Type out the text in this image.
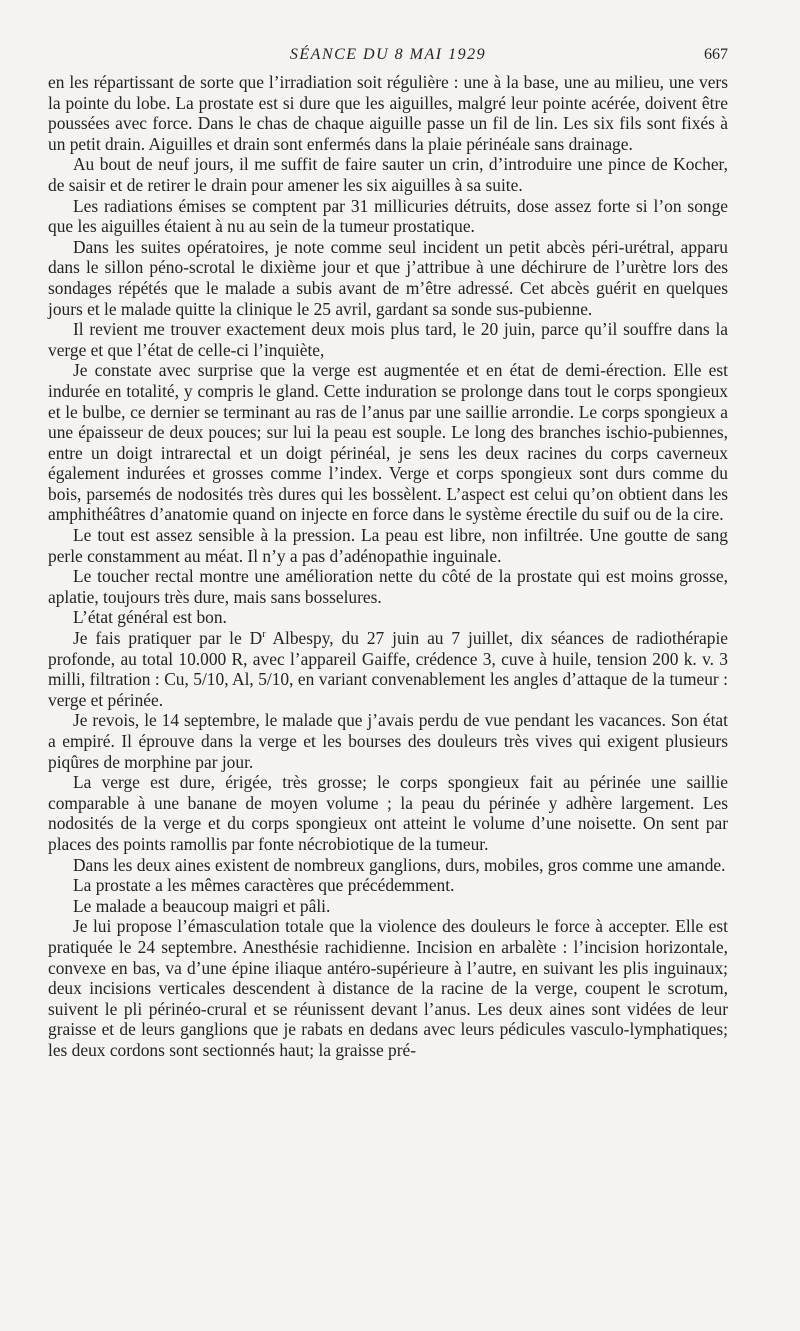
SÉANCE DU 8 MAI 1929	667

en les répartissant de sorte que l’irradiation soit régulière : une à la base, une au milieu, une vers la pointe du lobe. La prostate est si dure que les aiguilles, malgré leur pointe acérée, doivent être poussées avec force. Dans le chas de chaque aiguille passe un fil de lin. Les six fils sont fixés à un petit drain. Aiguilles et drain sont enfermés dans la plaie périnéale sans drainage.

Au bout de neuf jours, il me suffit de faire sauter un crin, d’introduire une pince de Kocher, de saisir et de retirer le drain pour amener les six aiguilles à sa suite.

Les radiations émises se comptent par 31 millicuries détruits, dose assez forte si l’on songe que les aiguilles étaient à nu au sein de la tumeur prostatique.

Dans les suites opératoires, je note comme seul incident un petit abcès péri-urétral, apparu dans le sillon péno-scrotal le dixième jour et que j’attribue à une déchirure de l’urètre lors des sondages répétés que le malade a subis avant de m’être adressé. Cet abcès guérit en quelques jours et le malade quitte la clinique le 25 avril, gardant sa sonde sus-pubienne.

Il revient me trouver exactement deux mois plus tard, le 20 juin, parce qu’il souffre dans la verge et que l’état de celle-ci l’inquiète,

Je constate avec surprise que la verge est augmentée et en état de demi-érection. Elle est indurée en totalité, y compris le gland. Cette induration se prolonge dans tout le corps spongieux et le bulbe, ce dernier se terminant au ras de l’anus par une saillie arrondie. Le corps spongieux a une épaisseur de deux pouces; sur lui la peau est souple. Le long des branches ischio-pubiennes, entre un doigt intrarectal et un doigt périnéal, je sens les deux racines du corps caverneux également indurées et grosses comme l’index. Verge et corps spongieux sont durs comme du bois, parsemés de nodosités très dures qui les bossèlent. L’aspect est celui qu’on obtient dans les amphithéâtres d’anatomie quand on injecte en force dans le système érectile du suif ou de la cire.

Le tout est assez sensible à la pression. La peau est libre, non infiltrée. Une goutte de sang perle constamment au méat. Il n’y a pas d’adénopathie inguinale.

Le toucher rectal montre une amélioration nette du côté de la prostate qui est moins grosse, aplatie, toujours très dure, mais sans bosselures.

L’état général est bon.

Je fais pratiquer par le $D^r$ Albespy, du 27 juin au 7 juillet, dix séances de radiothérapie profonde, au total 10.000 R, avec l’appareil Gaiffe, crédence 3, cuve à huile, tension 200 k. v. 3 milli, filtration : Cu, 5/10, Al, 5/10, en variant convenablement les angles d’attaque de la tumeur : verge et périnée.

Je revois, le 14 septembre, le malade que j’avais perdu de vue pendant les vacances. Son état a empiré. Il éprouve dans la verge et les bourses des douleurs très vives qui exigent plusieurs piqûres de morphine par jour.

La verge est dure, érigée, très grosse; le corps spongieux fait au périnée une saillie comparable à une banane de moyen volume ; la peau du périnée y adhère largement. Les nodosités de la verge et du corps spongieux ont atteint le volume d’une noisette. On sent par places des points ramollis par fonte nécrobiotique de la tumeur.

Dans les deux aines existent de nombreux ganglions, durs, mobiles, gros comme une amande.

La prostate a les mêmes caractères que précédemment.

Le malade a beaucoup maigri et pâli.

Je lui propose l’émasculation totale que la violence des douleurs le force à accepter. Elle est pratiquée le 24 septembre. Anesthésie rachidienne. Incision en arbalète : l’incision horizontale, convexe en bas, va d’une épine iliaque antéro-supérieure à l’autre, en suivant les plis inguinaux; deux incisions verticales descendent à distance de la racine de la verge, coupent le scrotum, suivent le pli périnéo-crural et se réunissent devant l’anus. Les deux aines sont vidées de leur graisse et de leurs ganglions que je rabats en dedans avec leurs pédicules vasculo-lymphatiques; les deux cordons sont sectionnés haut; la graisse pré-
